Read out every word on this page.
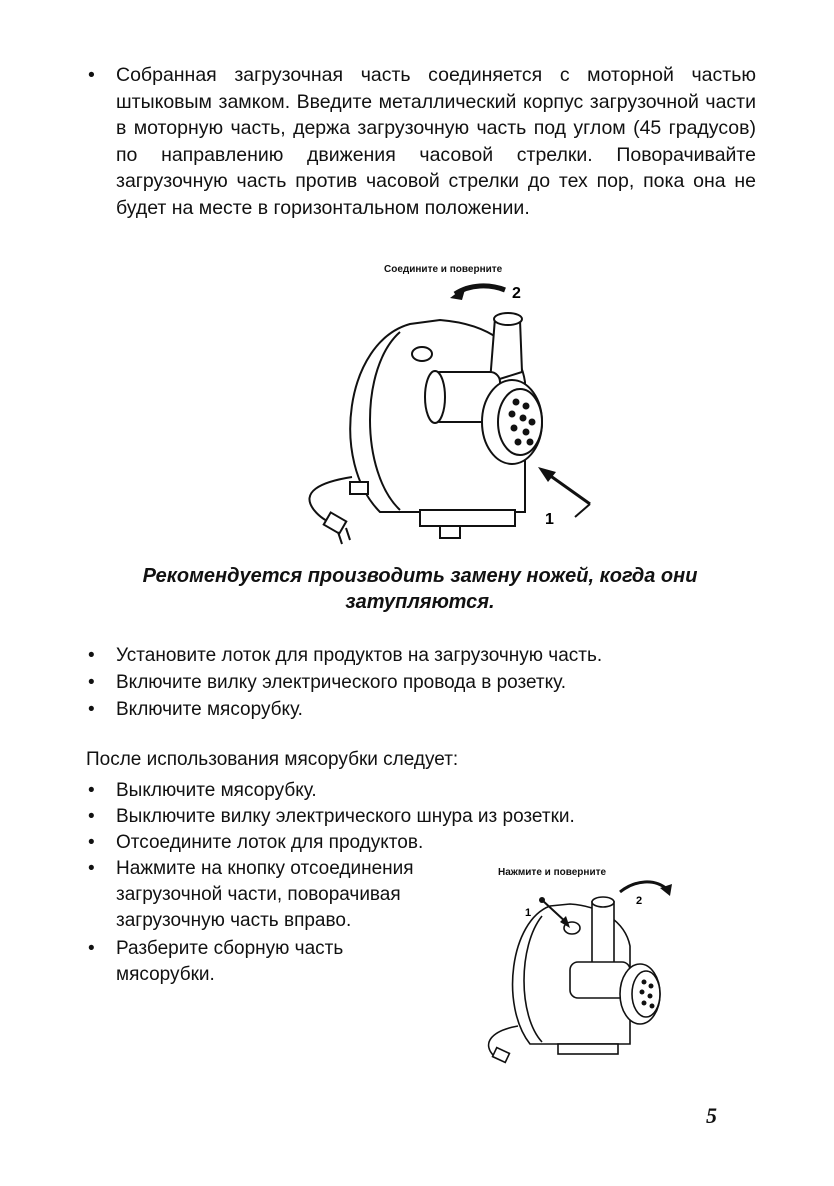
• Собранная загрузочная часть соединяется с моторной частью штыковым замком. Введите металлический корпус загрузочной части в моторную часть, держа загрузочную часть под углом (45 градусов) по направлению движения часовой стрелки. Поворачивайте загрузочную часть против часовой стрелки до тех пор, пока она не будет на месте в горизонтальном положении.
Соедините и поверните
2
1
Рекомендуется производить замену ножей, когда они
затупляются.
• Установите лоток для продуктов на загрузочную часть.
• Включите вилку электрического провода в розетку.
• Включите мясорубку.
После использования мясорубки следует:
• Выключите мясорубку.
• Выключите вилку электрического шнура из розетки.
• Отсоедините лоток для продуктов.
• Нажмите на кнопку отсоединения загрузочной части, поворачивая загрузочную часть вправо.
• Разберите сборную часть мясорубки.
Нажмите и поверните
1
2
5
